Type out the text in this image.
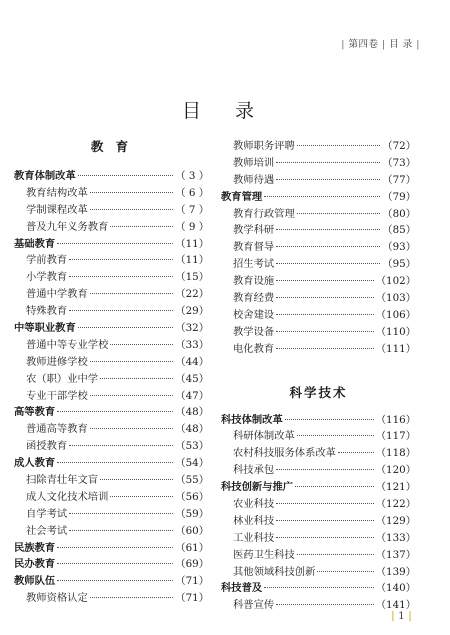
| 第四卷 | 目 录 |
目 录
教 育
教育体制改革	（ 3 ）
教育结构改革	（ 6 ）
学制课程改革	（ 7 ）
普及九年义务教育	（ 9 ）
基础教育	（11）
学前教育	（11）
小学教育	（15）
普通中学教育	（22）
特殊教育	（29）
中等职业教育	（32）
普通中等专业学校	（33）
教师进修学校	（44）
农（职）业中学	（45）
专业干部学校	（47）
高等教育	（48）
普通高等教育	（48）
函授教育	（53）
成人教育	（54）
扫除青壮年文盲	（55）
成人文化技术培训	（56）
自学考试	（59）
社会考试	（60）
民族教育	（61）
民办教育	（69）
教师队伍	（71）
教师资格认定	（71）
教师职务评聘	（72）
教师培训	（73）
教师待遇	（77）
教育管理	（79）
教育行政管理	（80）
教学科研	（85）
教育督导	（93）
招生考试	（95）
教育设施	（102）
教育经费	（103）
校舍建设	（106）
教学设备	（110）
电化教育	（111）
科学技术
科技体制改革	（116）
科研体制改革	（117）
农村科技服务体系改革	（118）
科技承包	（120）
科技创新与推广	（121）
农业科技	（122）
林业科技	（129）
工业科技	（133）
医药卫生科技	（137）
其他领域科技创新	（139）
科技普及	（140）
科普宣传	（141）
| 1 |
